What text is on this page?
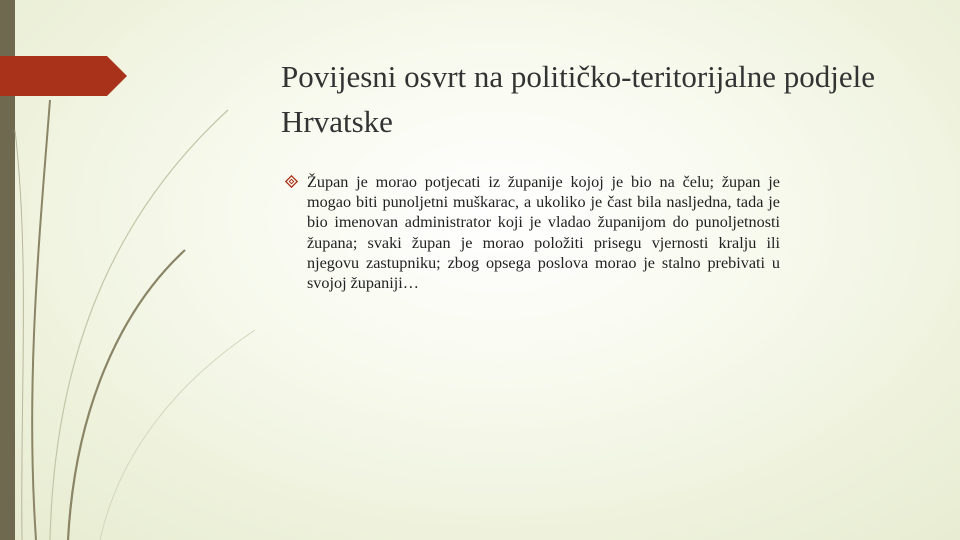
Povijesni osvrt na političko-teritorijalne podjele Hrvatske

Župan je morao potjecati iz županije kojoj je bio na čelu; župan je mogao biti punoljetni muškarac, a ukoliko je čast bila nasljedna, tada je bio imenovan administrator koji je vladao županijom do punoljetnosti župana; svaki župan je morao položiti prisegu vjernosti kralju ili njegovu zastupniku; zbog opsega poslova morao je stalno prebivati u svojoj županiji…
